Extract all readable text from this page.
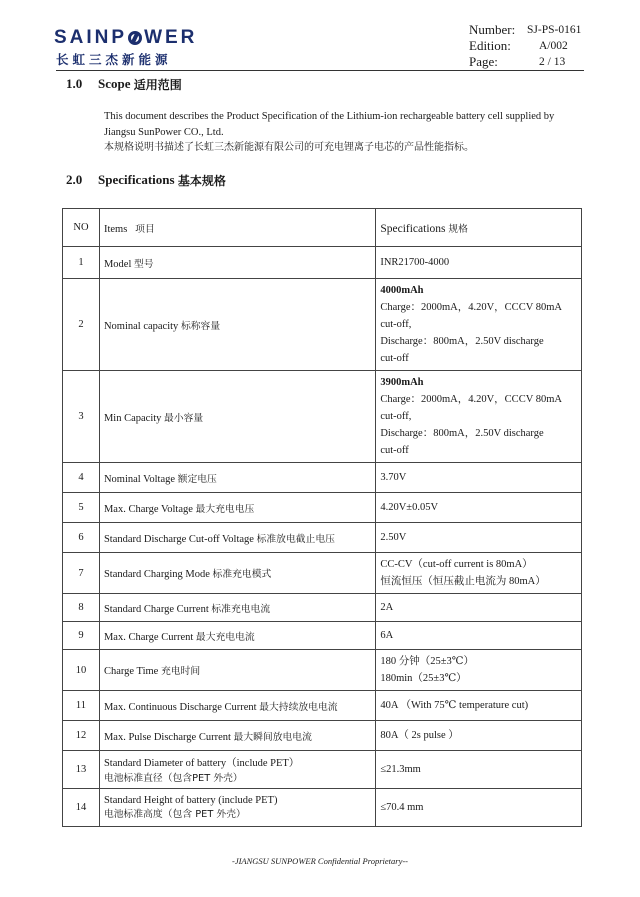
SAINP WER
长虹三杰新能源
Number:	SJ-PS-0161
Edition:	A/002
Page:	2 / 13
1.0	Scope
适用范围
This document describes the Product Specification of the Lithium-ion rechargeable battery cell supplied by Jiangsu SunPower CO., Ltd.
本规格说明书描述了长虹三杰新能源有限公司的可充电锂离子电芯的产品性能指标。
2.0	Specifications
基本规格
NO	Items 项目	Specifications 规格
1	Model 型号	INR21700-4000

2	Nominal capacity 标称容量	4000mAh
Charge：2000mA，4.20V，CCCV 80mA
cut-off,
Discharge：800mA，2.50V discharge
cut-off

3	Min Capacity 最小容量	3900mAh
Charge：2000mA，4.20V，CCCV 80mA
cut-off,
Discharge：800mA，2.50V discharge
cut-off

4	Nominal Voltage 额定电压	3.70V

5	Max. Charge Voltage 最大充电电压	4.20V±0.05V

6	Standard Discharge Cut-off Voltage 标准放电截止电压	2.50V

7	Standard Charging Mode 标准充电模式	CC-CV（cut-off current is 80mA）
恒流恒压（恒压截止电流为 80mA）

8	Standard Charge Current 标准充电电流	2A

9	Max. Charge Current 最大充电电流	6A

10	Charge Time 充电时间	180 分钟（25±3℃）
180min（25±3℃）

11	Max. Continuous Discharge Current 最大持续放电电流	40A （With 75℃ temperature cut)

12	Max. Pulse Discharge Current 最大瞬间放电电流	80A（ 2s pulse ）

13	Standard Diameter of battery（include PET）
电池标准直径（包含PET 外壳）	≤21.3mm

14	Standard Height of battery (include PET)
电池标准高度（包含 PET 外壳）	≤70.4 mm
-JIANGSU SUNPOWER Confidential Proprietary--
